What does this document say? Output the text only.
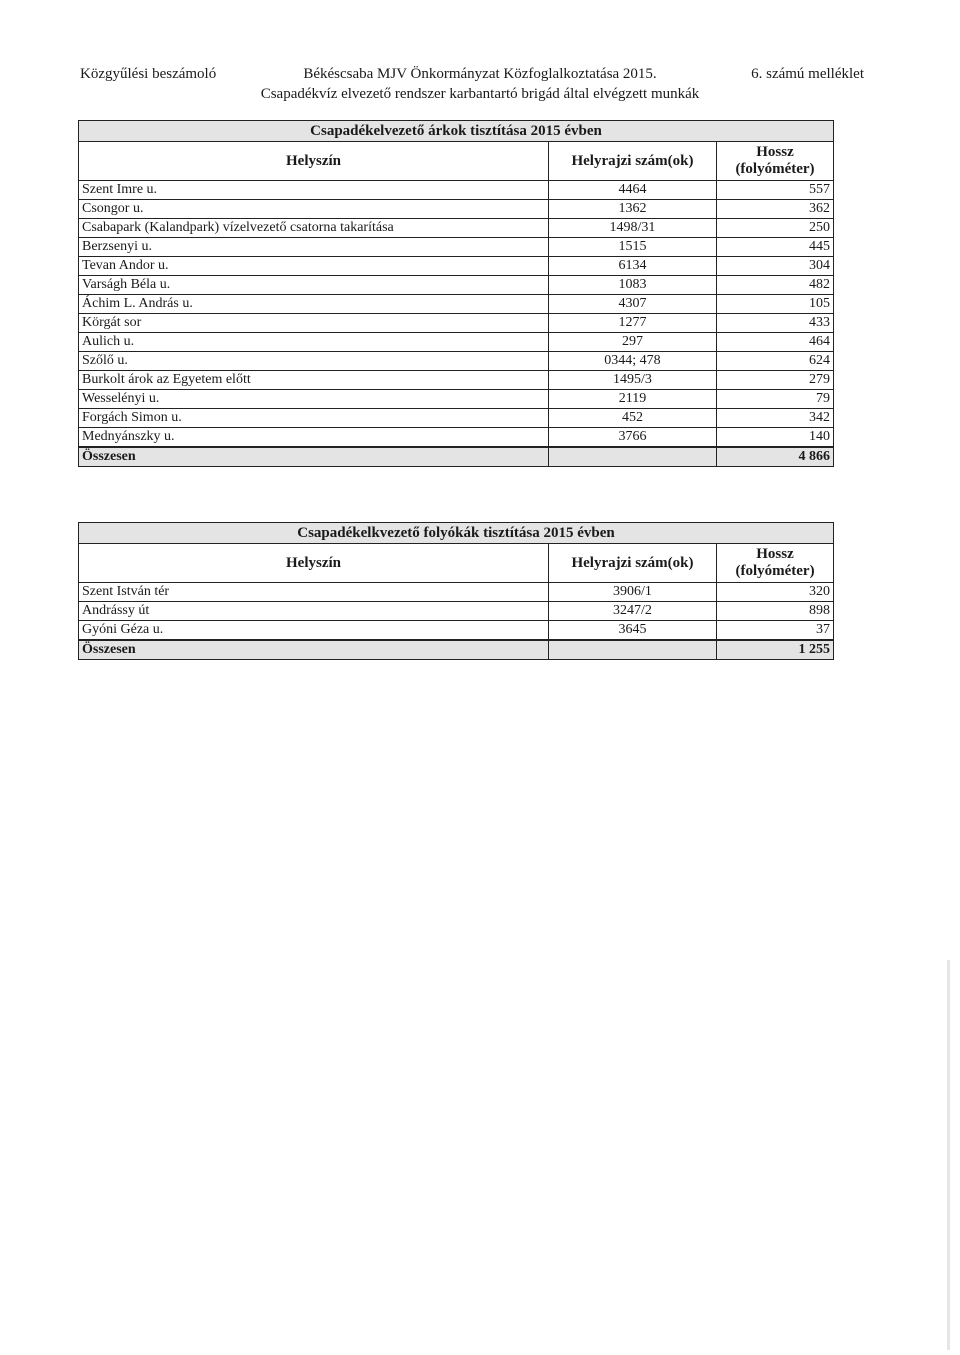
Közgyűlési beszámoló	Békéscsaba MJV Önkormányzat Közfoglalkoztatása 2015.
Csapadékvíz elvezető rendszer karbantartó brigád által elvégzett munkák
6. számú melléklet
Csapadékelvezető árkok tisztítása 2015 évben		
Helyszín	Helyrajzi szám(ok)	Hossz (folyóméter)
Szent Imre u.	4464	557
Csongor u.	1362	362
Csabapark (Kalandpark) vízelvezető csatorna takarítása	1498/31	250
Berzsenyi u.	1515	445
Tevan Andor u.	6134	304
Varságh Béla u.	1083	482
Áchim L. András u.	4307	105
Körgát sor	1277	433
Aulich u.	297	464
Szőlő u.	0344; 478	624
Burkolt árok az Egyetem előtt	1495/3	279
Wesselényi u.	2119	79
Forgách Simon u.	452	342
Mednyánszky u.	3766	140
Összesen		4 866
Csapadékelkvezető folyókák tisztítása 2015 évben		
Helyszín	Helyrajzi szám(ok)	Hossz (folyóméter)
Szent István tér	3906/1	320
Andrássy út	3247/2	898
Gyóni Géza u.	3645	37
Összesen		1 255
